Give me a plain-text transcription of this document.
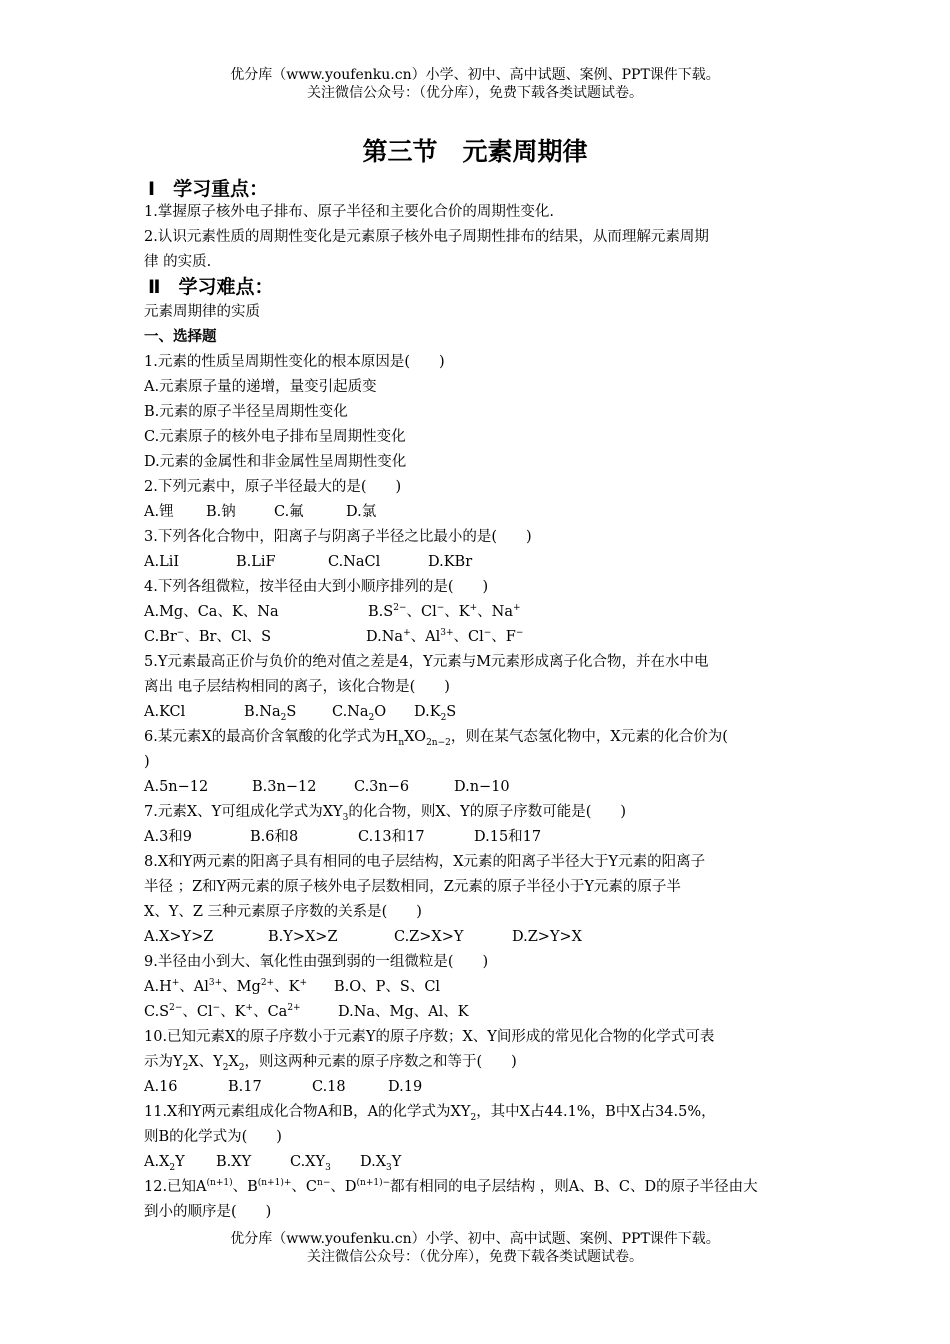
优分库（www.youfenku.cn）小学、初中、高中试题、案例、PPT课件下载。
关注微信公众号：（优分库），免费下载各类试题试卷。
第三节　元素周期律
Ⅰ 学习重点：
1.掌握原子核外电子排布、原子半径和主要化合价的周期性变化.
2.认识元素性质的周期性变化是元素原子核外电子周期性排布的结果，从而理解元素周期
律 的实质.
Ⅱ 学习难点：
元素周期律的实质
一、选择题
1.元素的性质呈周期性变化的根本原因是(　　)
A.元素原子量的递增，量变引起质变
B.元素的原子半径呈周期性变化
C.元素原子的核外电子排布呈周期性变化
D.元素的金属性和非金属性呈周期性变化
2.下列元素中，原子半径最大的是(　　)
A.锂	B.钠	C.氟	D.氯
3.下列各化合物中，阳离子与阴离子半径之比最小的是(　　)
A.LiI	B.LiF	C.NaCl	D.KBr
4.下列各组微粒，按半径由大到小顺序排列的是(　　)
A.Mg、Ca、K、Na	$B.S^{2-}$、Cl−、K+、Na+
C.Br−、Br、Cl、S	D.Na+、$Al^{3+}$、Cl−、F−
5.Y元素最高正价与负价的绝对值之差是4，Y元素与M元素形成离子化合物，并在水中电
离出 电子层结构相同的离子，该化合物是(　　)
A.KCl	$B.Na_2S$	$C.Na_2O$	$D.K_2S$
6.某元素X的最高价含氧酸的化学式为$H_nXO_{2n-2}$，则在某气态氢化物中，X元素的化合价为(
)
A.5n−12	B.3n−12	C.3n−6	D.n−10
7.元素X、Y可组成化学式为$XY_3$的化合物，则X、Y的原子序数可能是(　　)
A.3和9	B.6和8	C.13和17	D.15和17
8.X和Y两元素的阳离子具有相同的电子层结构，X元素的阳离子半径大于Y元素的阳离子
半径 ；Z和Y两元素的原子核外电子层数相同，Z元素的原子半径小于Y元素的原子半
X、Y、Z 三种元素原子序数的关系是(　　)
A.X>Y>Z	B.Y>X>Z	C.Z>X>Y	D.Z>Y>X
9.半径由小到大、氧化性由强到弱的一组微粒是(　　)
A.H+、$Al^{3+}$、$Mg^{2+}$、K+	B.O、P、S、Cl
$C.S^{2-}$、Cl−、K+、$Ca^{2+}$	D.Na、Mg、Al、K
10.已知元素X的原子序数小于元素Y的原子序数；X、Y间形成的常见化合物的化学式可表
示为$Y_2X$、$Y_2X_2$，则这两种元素的原子序数之和等于(　　)
A.16	B.17	C.18	D.19
11.X和Y两元素组成化合物A和B，A的化学式为$XY_2$，其中X占44.1%，B中X占34.5%，
则B的化学式为(　　)
$A.X_2Y$	B.XY	$C.XY_3$	$D.X_3Y$
12.已知$A^{(n+1)}$、$B^{(n+1)+}$、$C^{n-}$、$D^{(n+1)-}$都有相同的电子层结构 ，则A、B、C、D的原子半径由大
到小的顺序是(　　)
优分库（www.youfenku.cn）小学、初中、高中试题、案例、PPT课件下载。
关注微信公众号：（优分库），免费下载各类试题试卷。
